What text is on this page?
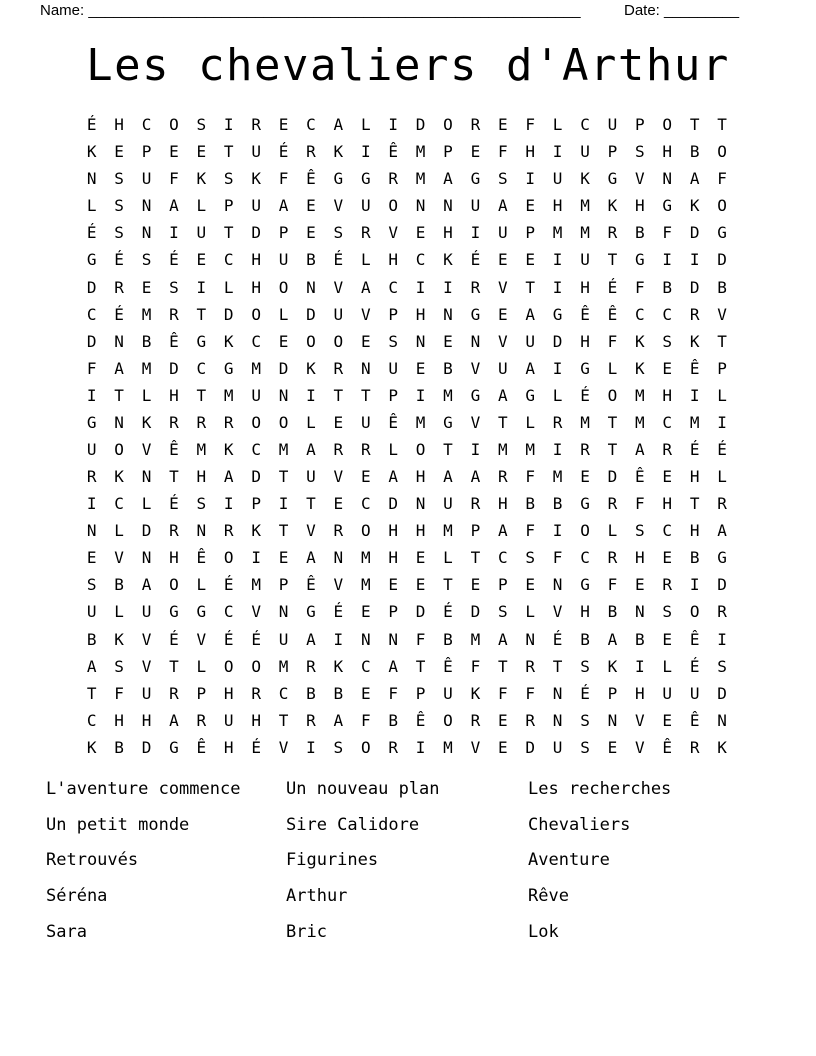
Name: ___________________________________________________________	Date: _________
Les chevaliers d'Arthur
É	H	C	O	S	I	R	E	C	A	L	I	D	O	R	E	F	L	C	U	P	O	T	T
K	E	P	E	E	T	U	É	R	K	I	Ê	M	P	E	F	H	I	U	P	S	H	B	O
N	S	U	F	K	S	K	F	Ê	G	G	R	M	A	G	S	I	U	K	G	V	N	A	F
L	S	N	A	L	P	U	A	E	V	U	O	N	N	U	A	E	H	M	K	H	G	K	O
É	S	N	I	U	T	D	P	E	S	R	V	E	H	I	U	P	M	M	R	B	F	D	G
G	É	S	É	E	C	H	U	B	É	L	H	C	K	É	E	E	I	U	T	G	I	I	D
D	R	E	S	I	L	H	O	N	V	A	C	I	I	R	V	T	I	H	É	F	B	D	B
C	É	M	R	T	D	O	L	D	U	V	P	H	N	G	E	A	G	Ê	Ê	C	C	R	V
D	N	B	Ê	G	K	C	E	O	O	E	S	N	E	N	V	U	D	H	F	K	S	K	T
F	A	M	D	C	G	M	D	K	R	N	U	E	B	V	U	A	I	G	L	K	E	Ê	P
I	T	L	H	T	M	U	N	I	T	T	P	I	M	G	A	G	L	É	O	M	H	I	L
G	N	K	R	R	R	O	O	L	E	U	Ê	M	G	V	T	L	R	M	T	M	C	M	I
U	O	V	Ê	M	K	C	M	A	R	R	L	O	T	I	M	M	I	R	T	A	R	É	É
R	K	N	T	H	A	D	T	U	V	E	A	H	A	A	R	F	M	E	D	Ê	E	H	L
I	C	L	É	S	I	P	I	T	E	C	D	N	U	R	H	B	B	G	R	F	H	T	R
N	L	D	R	N	R	K	T	V	R	O	H	H	M	P	A	F	I	O	L	S	C	H	A
E	V	N	H	Ê	O	I	E	A	N	M	H	E	L	T	C	S	F	C	R	H	E	B	G
S	B	A	O	L	É	M	P	Ê	V	M	E	E	T	E	P	E	N	G	F	E	R	I	D
U	L	U	G	G	C	V	N	G	É	E	P	D	É	D	S	L	V	H	B	N	S	O	R
B	K	V	É	V	É	É	U	A	I	N	N	F	B	M	A	N	É	B	A	B	E	Ê	I
A	S	V	T	L	O	O	M	R	K	C	A	T	Ê	F	T	R	T	S	K	I	L	É	S
T	F	U	R	P	H	R	C	B	B	E	F	P	U	K	F	F	N	É	P	H	U	U	D
C	H	H	A	R	U	H	T	R	A	F	B	Ê	O	R	E	R	N	S	N	V	E	Ê	N
K	B	D	G	Ê	H	É	V	I	S	O	R	I	M	V	E	D	U	S	E	V	Ê	R	K
L'aventure commence
Un petit monde
Retrouvés
Séréna
Sara
Un nouveau plan
Sire Calidore
Figurines
Arthur
Bric
Les recherches
Chevaliers
Aventure
Rêve
Lok
